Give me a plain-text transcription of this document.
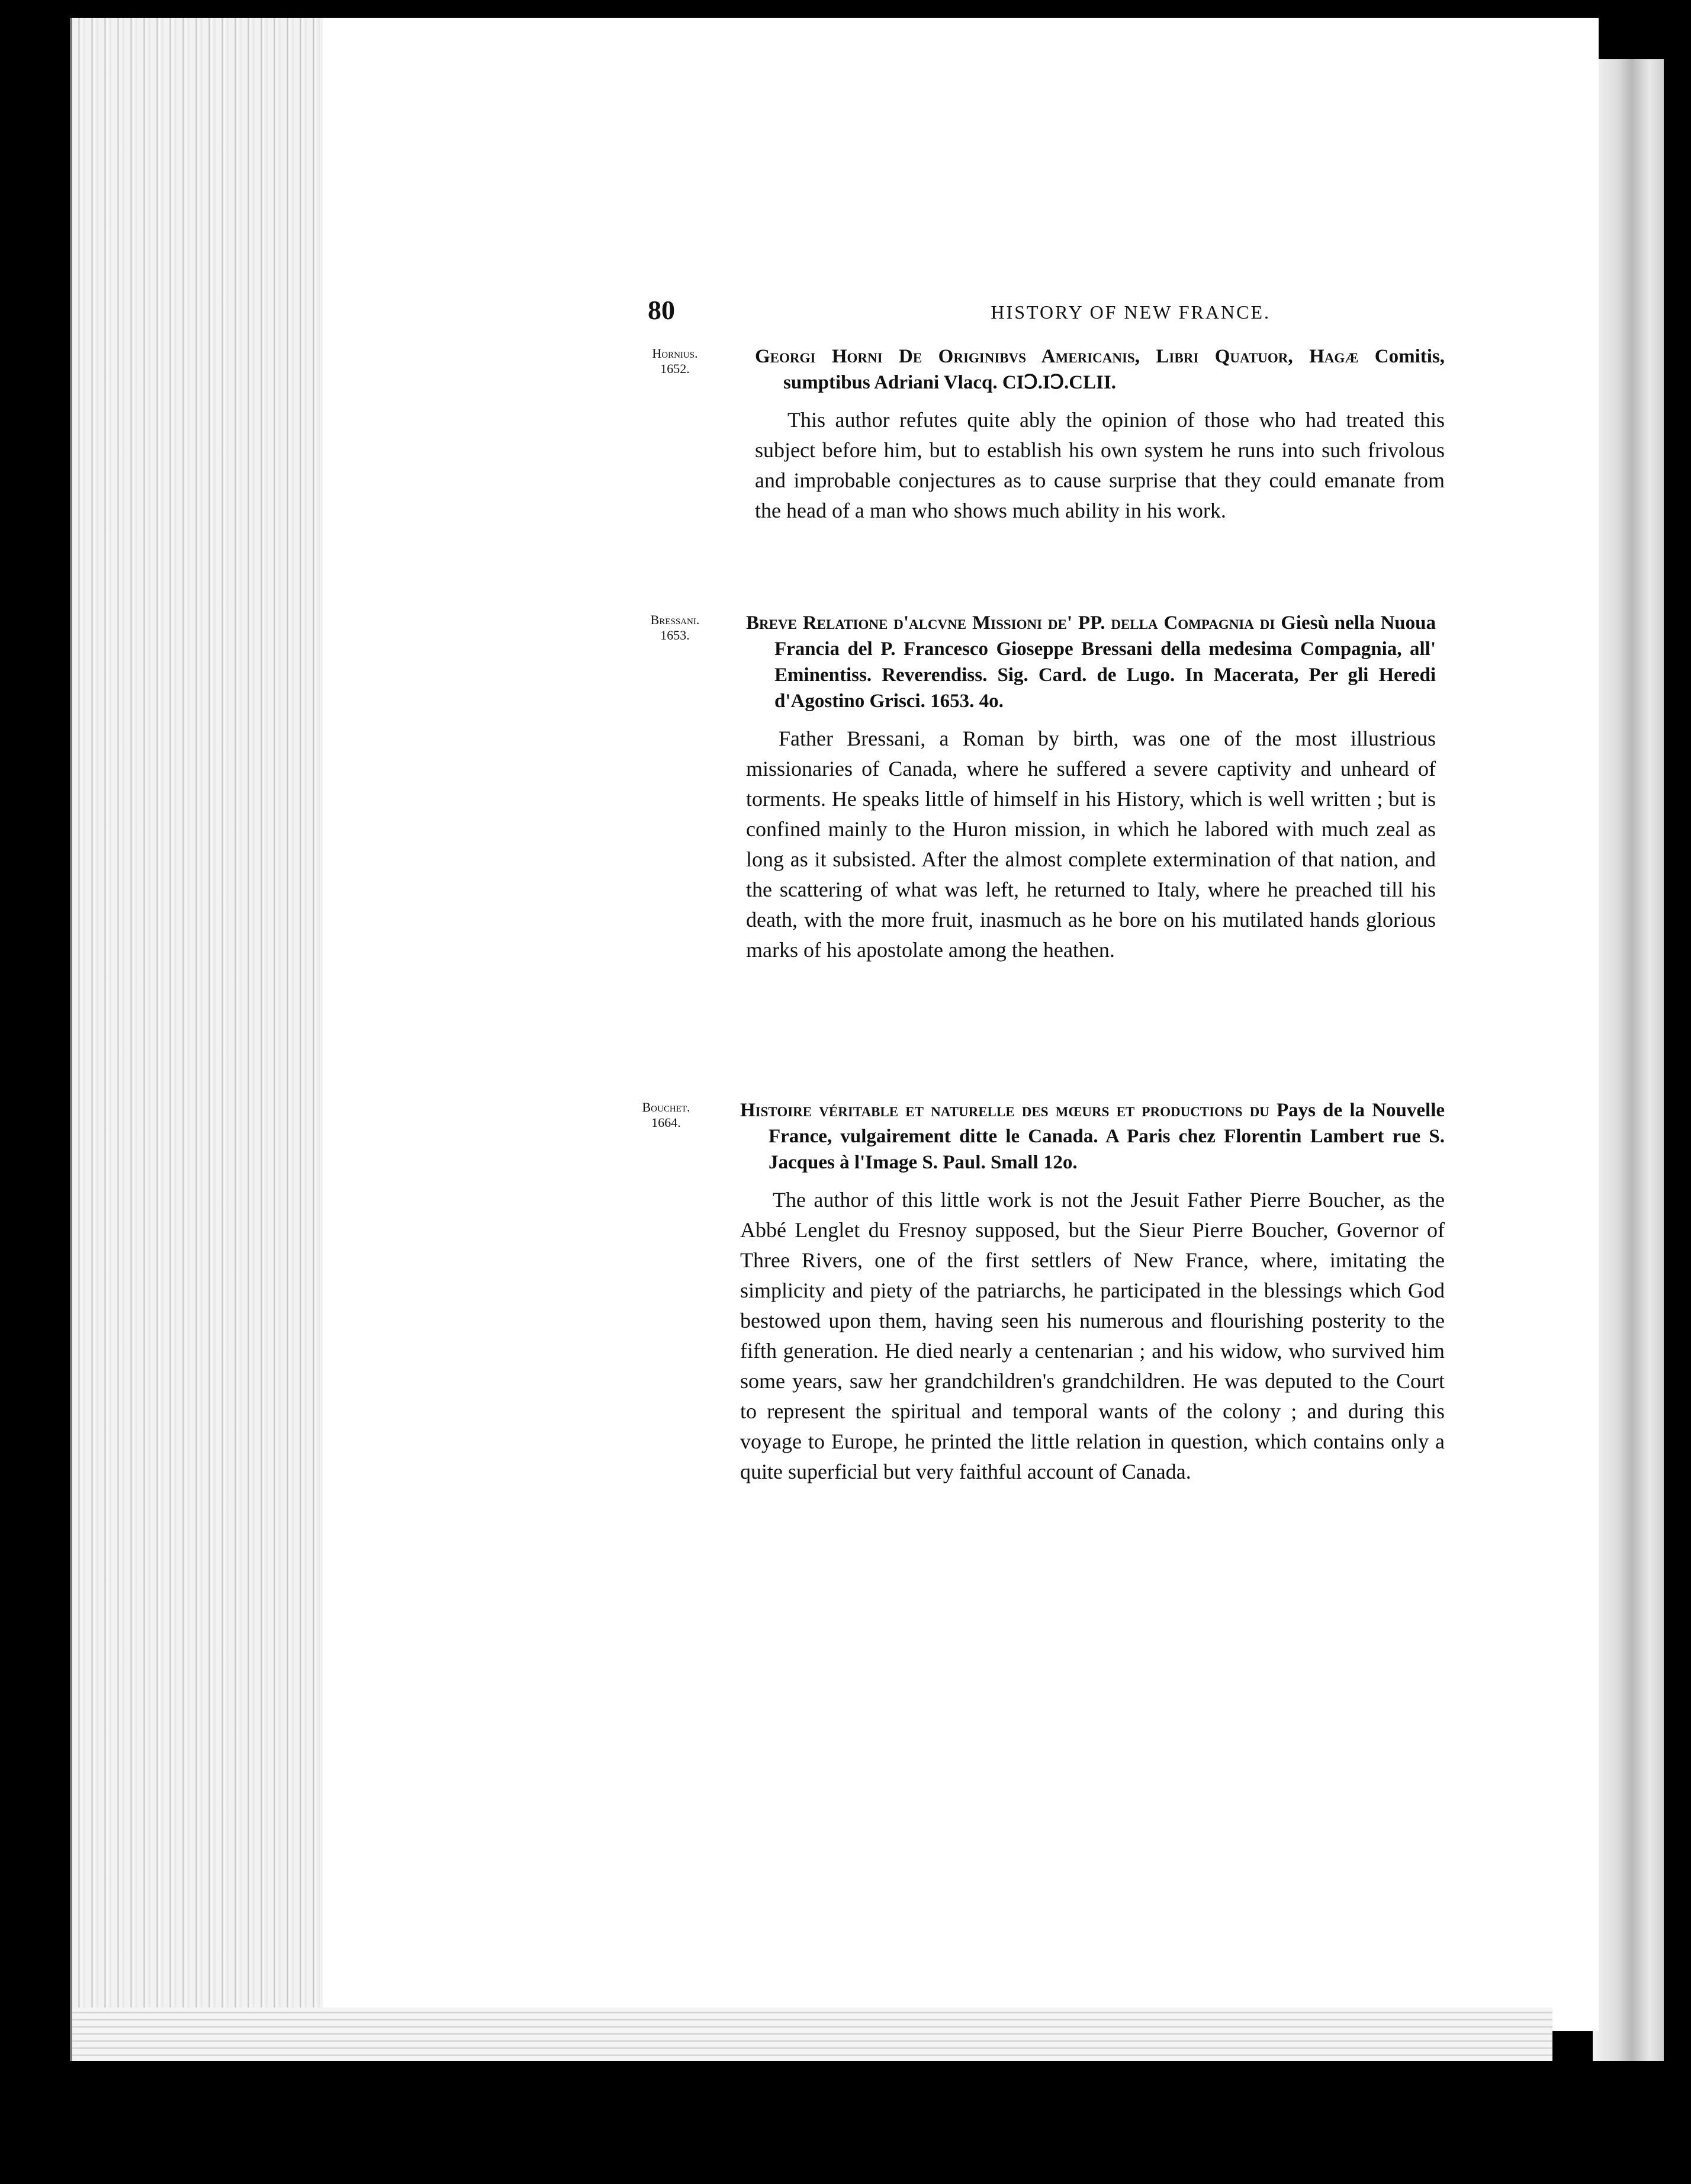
80	HISTORY OF NEW FRANCE.
Hornius.
1652.

Georgi Horni De Originibvs Americanis, Libri Quatuor, Hagæ Comitis, sumptibus Adriani Vlacq. CIↃ.IↃ.CLII.

This author refutes quite ably the opinion of those who had treated this subject before him, but to establish his own system he runs into such frivolous and improbable conjectures as to cause surprise that they could emanate from the head of a man who shows much ability in his work.

Bressani.
1653.

Breve Relatione d'alcvne Missioni de' PP. della Compagnia di Giesù nella Nuoua Francia del P. Francesco Gioseppe Bressani della medesima Compagnia, all' Eminentiss. Reverendiss. Sig. Card. de Lugo. In Macerata, Per gli Heredi d'Agostino Grisci. 1653. 4o.

Father Bressani, a Roman by birth, was one of the most illustrious missionaries of Canada, where he suffered a severe captivity and unheard of torments. He speaks little of himself in his History, which is well written ; but is confined mainly to the Huron mission, in which he labored with much zeal as long as it subsisted. After the almost complete extermination of that nation, and the scattering of what was left, he returned to Italy, where he preached till his death, with the more fruit, inasmuch as he bore on his mutilated hands glorious marks of his apostolate among the heathen.

Bouchet.
1664.

Histoire véritable et naturelle des mœurs et productions du Pays de la Nouvelle France, vulgairement ditte le Canada. A Paris chez Florentin Lambert rue S. Jacques à l'Image S. Paul. Small 12o.

The author of this little work is not the Jesuit Father Pierre Boucher, as the Abbé Lenglet du Fresnoy supposed, but the Sieur Pierre Boucher, Governor of Three Rivers, one of the first settlers of New France, where, imitating the simplicity and piety of the patriarchs, he participated in the blessings which God bestowed upon them, having seen his numerous and flourishing posterity to the fifth generation. He died nearly a centenarian ; and his widow, who survived him some years, saw her grandchildren's grandchildren. He was deputed to the Court to represent the spiritual and temporal wants of the colony ; and during this voyage to Europe, he printed the little relation in question, which contains only a quite superficial but very faithful account of Canada.
